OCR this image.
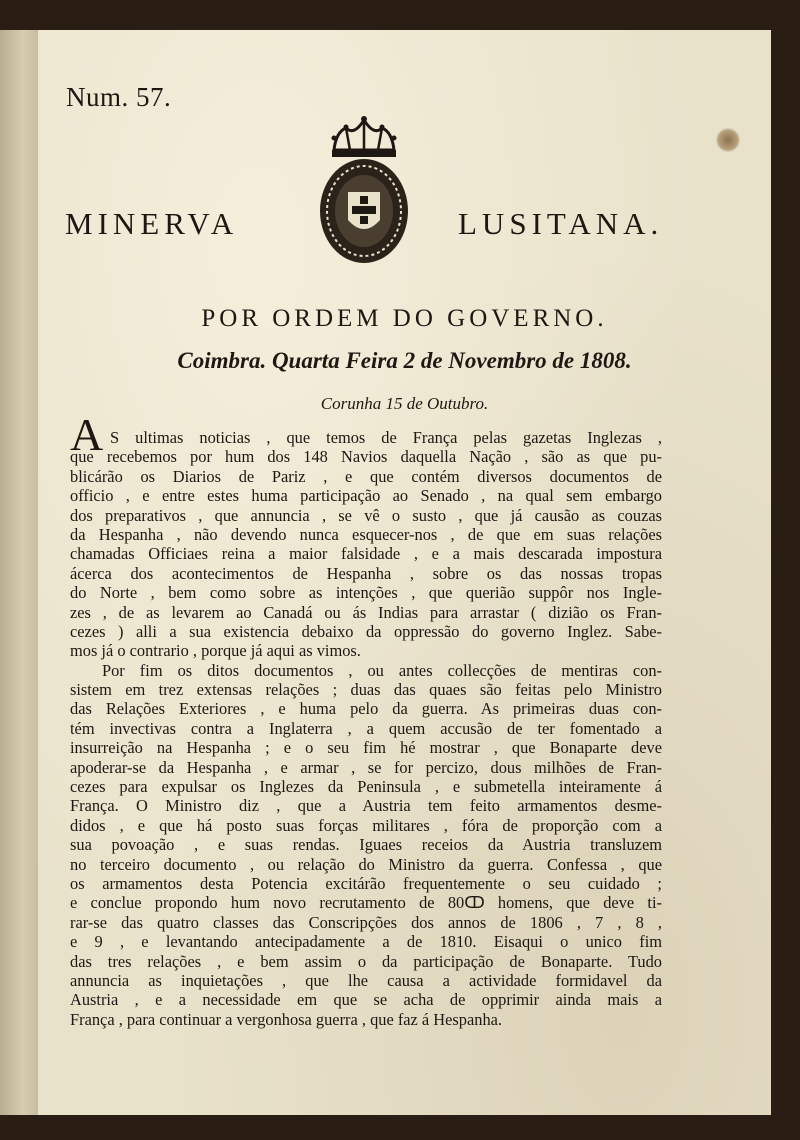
Num. 57.
MINERVA	LUSITANA.
POR ORDEM DO GOVERNO.
Coimbra. Quarta Feira 2 de Novembro de 1808.
Corunha 15 de Outubro.
A S ultimas noticias , que temos de França pelas gazetas Inglezas ,
que recebemos por hum dos 148 Navios daquella Nação , são as que pu-
blicárão os Diarios de Pariz , e que contém diversos documentos de
officio , e entre estes huma participação ao Senado , na qual sem embargo
dos preparativos , que annuncia , se vê o susto , que já causão as couzas
da Hespanha , não devendo nunca esquecer-nos , de que em suas relações
chamadas Officiaes reina a maior falsidade , e a mais descarada impostura
ácerca dos acontecimentos de Hespanha , sobre os das nossas tropas
do Norte , bem como sobre as intenções , que querião suppôr nos Ingle-
zes , de as levarem ao Canadá ou ás Indias para arrastar ( dizião os Fran-
cezes ) alli a sua existencia debaixo da oppressão do governo Inglez. Sabe-
mos já o contrario , porque já aqui as vimos.
Por fim os ditos documentos , ou antes collecções de mentiras con-
sistem em trez extensas relações ; duas das quaes são feitas pelo Ministro
das Relações Exteriores , e huma pelo da guerra. As primeiras duas con-
tém invectivas contra a Inglaterra , a quem accusão de ter fomentado a
insurreição na Hespanha ; e o seu fim hé mostrar , que Bonaparte deve
apoderar-se da Hespanha , e armar , se for percizo, dous milhões de Fran-
cezes para expulsar os Inglezes da Peninsula , e submetella inteiramente á
França. O Ministro diz , que a Austria tem feito armamentos desme-
didos , e que há posto suas forças militares , fóra de proporção com a
sua povoação , e suas rendas. Iguaes receios da Austria transluzem
no terceiro documento , ou relação do Ministro da guerra. Confessa , que
os armamentos desta Potencia excitárão frequentemente o seu cuidado ;
e conclue propondo hum novo recrutamento de 80ↀ homens, que deve ti-
rar-se das quatro classes das Conscripções dos annos de 1806 , 7 , 8 ,
e 9 , e levantando antecipadamente a de 1810. Eisaqui o unico fim
das tres relações , e bem assim o da participação de Bonaparte. Tudo
annuncia as inquietações , que lhe causa a actividade formidavel da
Austria , e a necessidade em que se acha de opprimir ainda mais a
França , para continuar a vergonhosa guerra , que faz á Hespanha.
